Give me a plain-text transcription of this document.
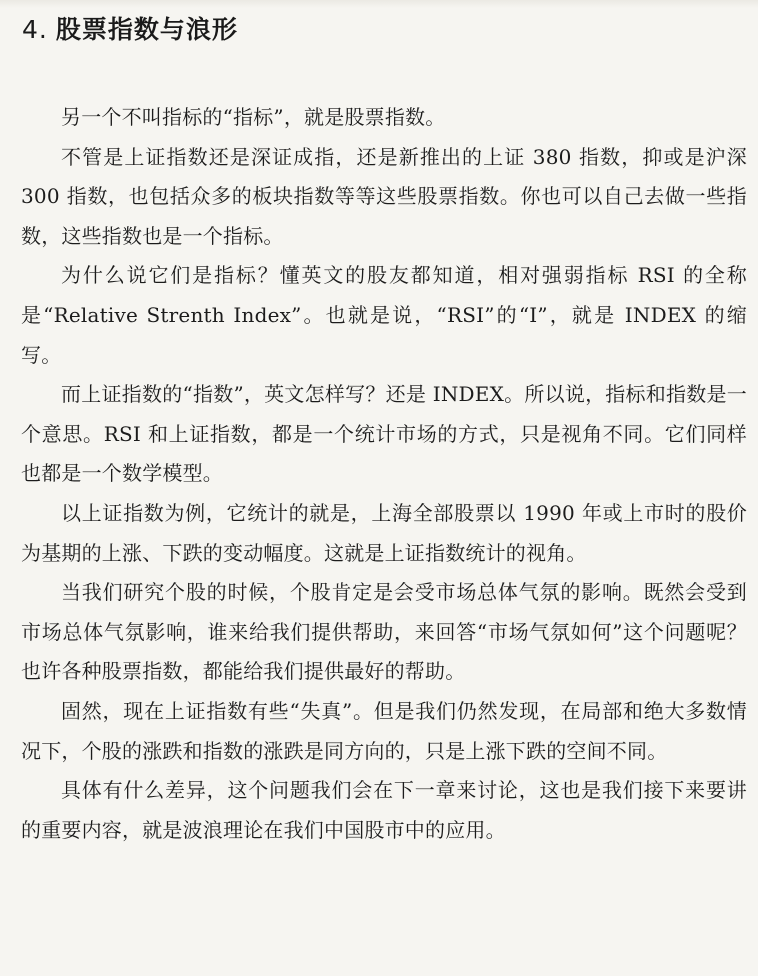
4. 股票指数与浪形

另一个不叫指标的“指标”，就是股票指数。

不管是上证指数还是深证成指，还是新推出的上证 380 指数，抑或是沪深 300 指数，也包括众多的板块指数等等这些股票指数。你也可以自己去做一些指数，这些指数也是一个指标。

为什么说它们是指标？懂英文的股友都知道，相对强弱指标 RSI 的全称是“Relative Strenth Index”。也就是说，“RSI”的“I”，就是 INDEX 的缩写。

而上证指数的“指数”，英文怎样写？还是 INDEX。所以说，指标和指数是一个意思。RSI 和上证指数，都是一个统计市场的方式，只是视角不同。它们同样也都是一个数学模型。

以上证指数为例，它统计的就是，上海全部股票以 1990 年或上市时的股价为基期的上涨、下跌的变动幅度。这就是上证指数统计的视角。

当我们研究个股的时候，个股肯定是会受市场总体气氛的影响。既然会受到市场总体气氛影响，谁来给我们提供帮助，来回答“市场气氛如何”这个问题呢？也许各种股票指数，都能给我们提供最好的帮助。

固然，现在上证指数有些“失真”。但是我们仍然发现，在局部和绝大多数情况下，个股的涨跌和指数的涨跌是同方向的，只是上涨下跌的空间不同。

具体有什么差异，这个问题我们会在下一章来讨论，这也是我们接下来要讲的重要内容，就是波浪理论在我们中国股市中的应用。
